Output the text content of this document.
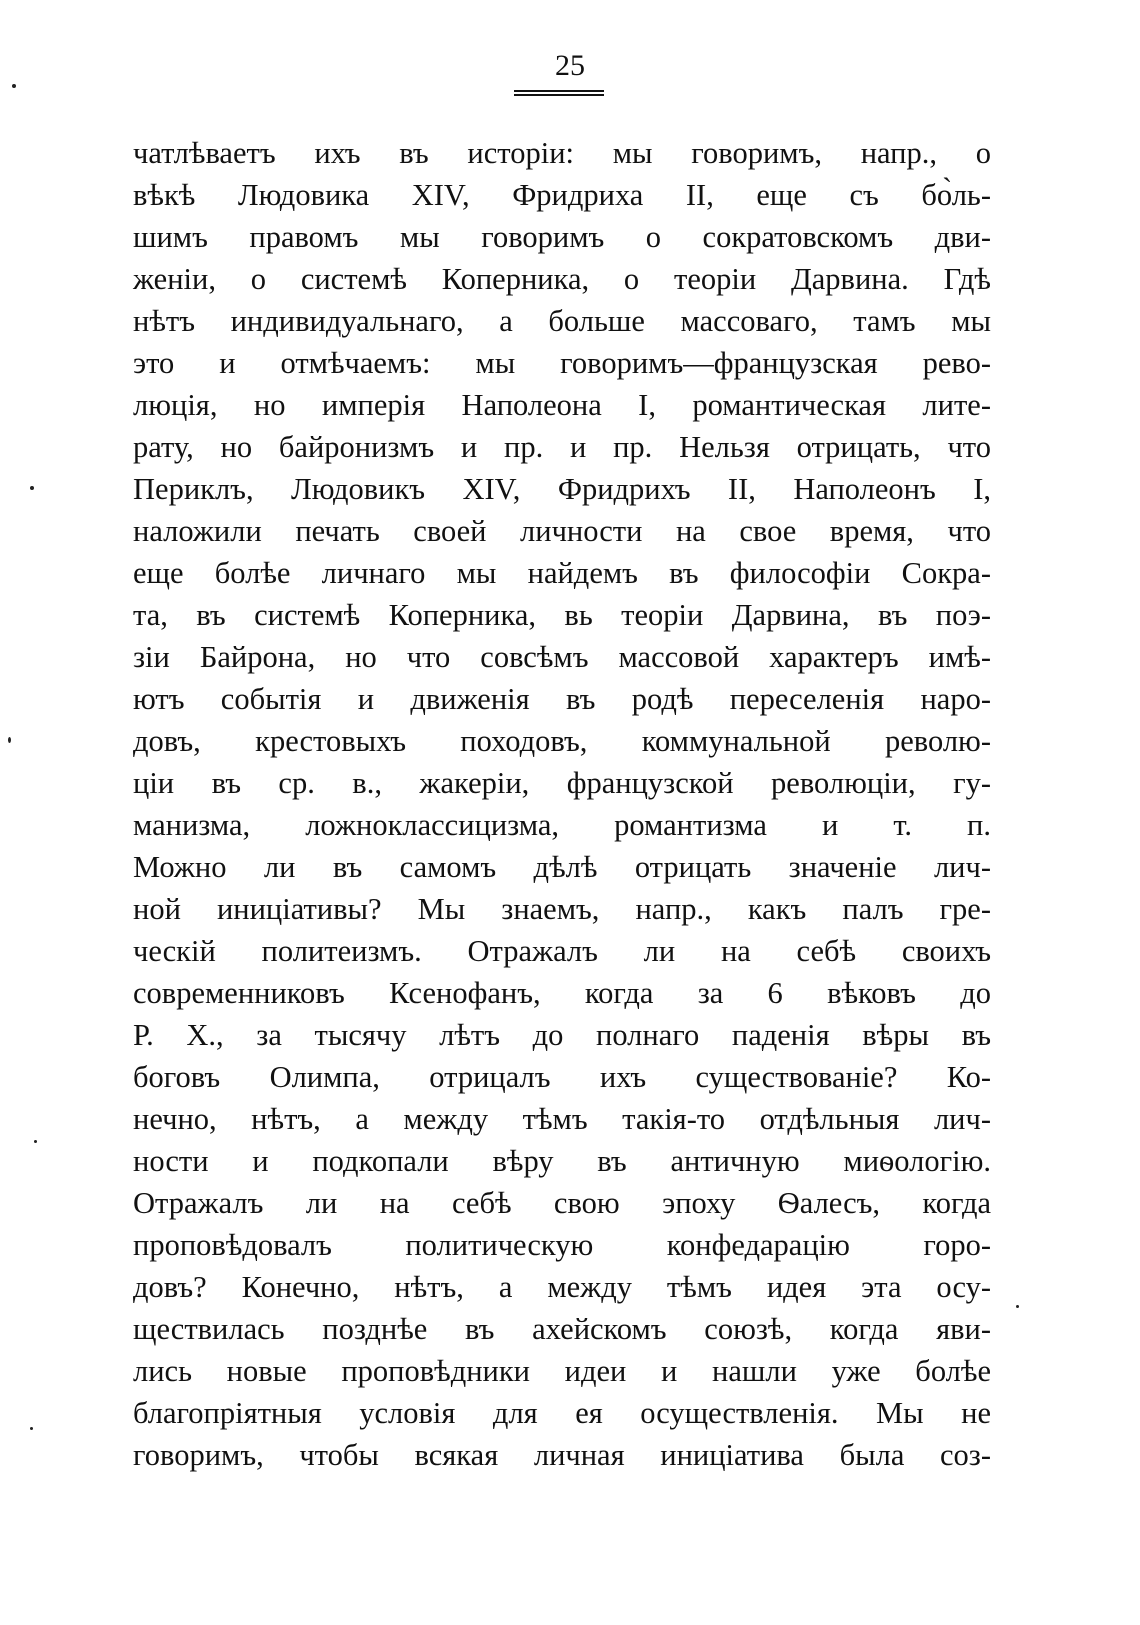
25
чатлѣваетъ ихъ въ исторіи: мы говоримъ, напр., о
вѣкѣ Людовика XIV, Фридриха II, еще съ бо̀ль-
шимъ правомъ мы говоримъ о сократовскомъ дви-
женіи, о системѣ Коперника, о теоріи Дарвина. Гдѣ
нѣтъ индивидуальнаго, а больше массоваго, тамъ мы
это и отмѣчаемъ: мы говоримъ—французская рево-
люція, но имперія Наполеона I, романтическая лите-
рату, но байронизмъ и пр. и пр. Нельзя отрицать, что
Периклъ, Людовикъ XIV, Фридрихъ II, Наполеонъ I,
наложили печать своей личности на свое время, что
еще болѣе личнаго мы найдемъ въ философіи Сокра-
та, въ системѣ Коперника, вь теоріи Дарвина, въ поэ-
зіи Байрона, но что совсѣмъ массовой характеръ имѣ-
ютъ событія и движенія въ родѣ переселенія наро-
довъ, крестовыхъ походовъ, коммунальной револю-
ціи въ ср. в., жакеріи, французской революціи, гу-
манизма, ложноклассицизма, романтизма и т. п.
Можно ли въ самомъ дѣлѣ отрицать значеніе лич-
ной иниціативы? Мы знаемъ, напр., какъ палъ гре-
ческій политеизмъ. Отражалъ ли на себѣ своихъ
современниковъ Ксенофанъ, когда за 6 вѣковъ до
Р. Х., за тысячу лѣтъ до полнаго паденія вѣры въ
боговъ Олимпа, отрицалъ ихъ существованіе? Ко-
нечно, нѣтъ, а между тѣмъ такія-то отдѣльныя лич-
ности и подкопали вѣру въ античную миѳологію.
Отражалъ ли на себѣ свою эпоху Ѳалесъ, когда
проповѣдовалъ политическую конфедарацію горо-
довъ? Конечно, нѣтъ, а между тѣмъ идея эта осу-
ществилась позднѣе въ ахейскомъ союзѣ, когда яви-
лись новые проповѣдники идеи и нашли уже болѣе
благопріятныя условія для ея осуществленія. Мы не
говоримъ, чтобы всякая личная иниціатива была соз-
